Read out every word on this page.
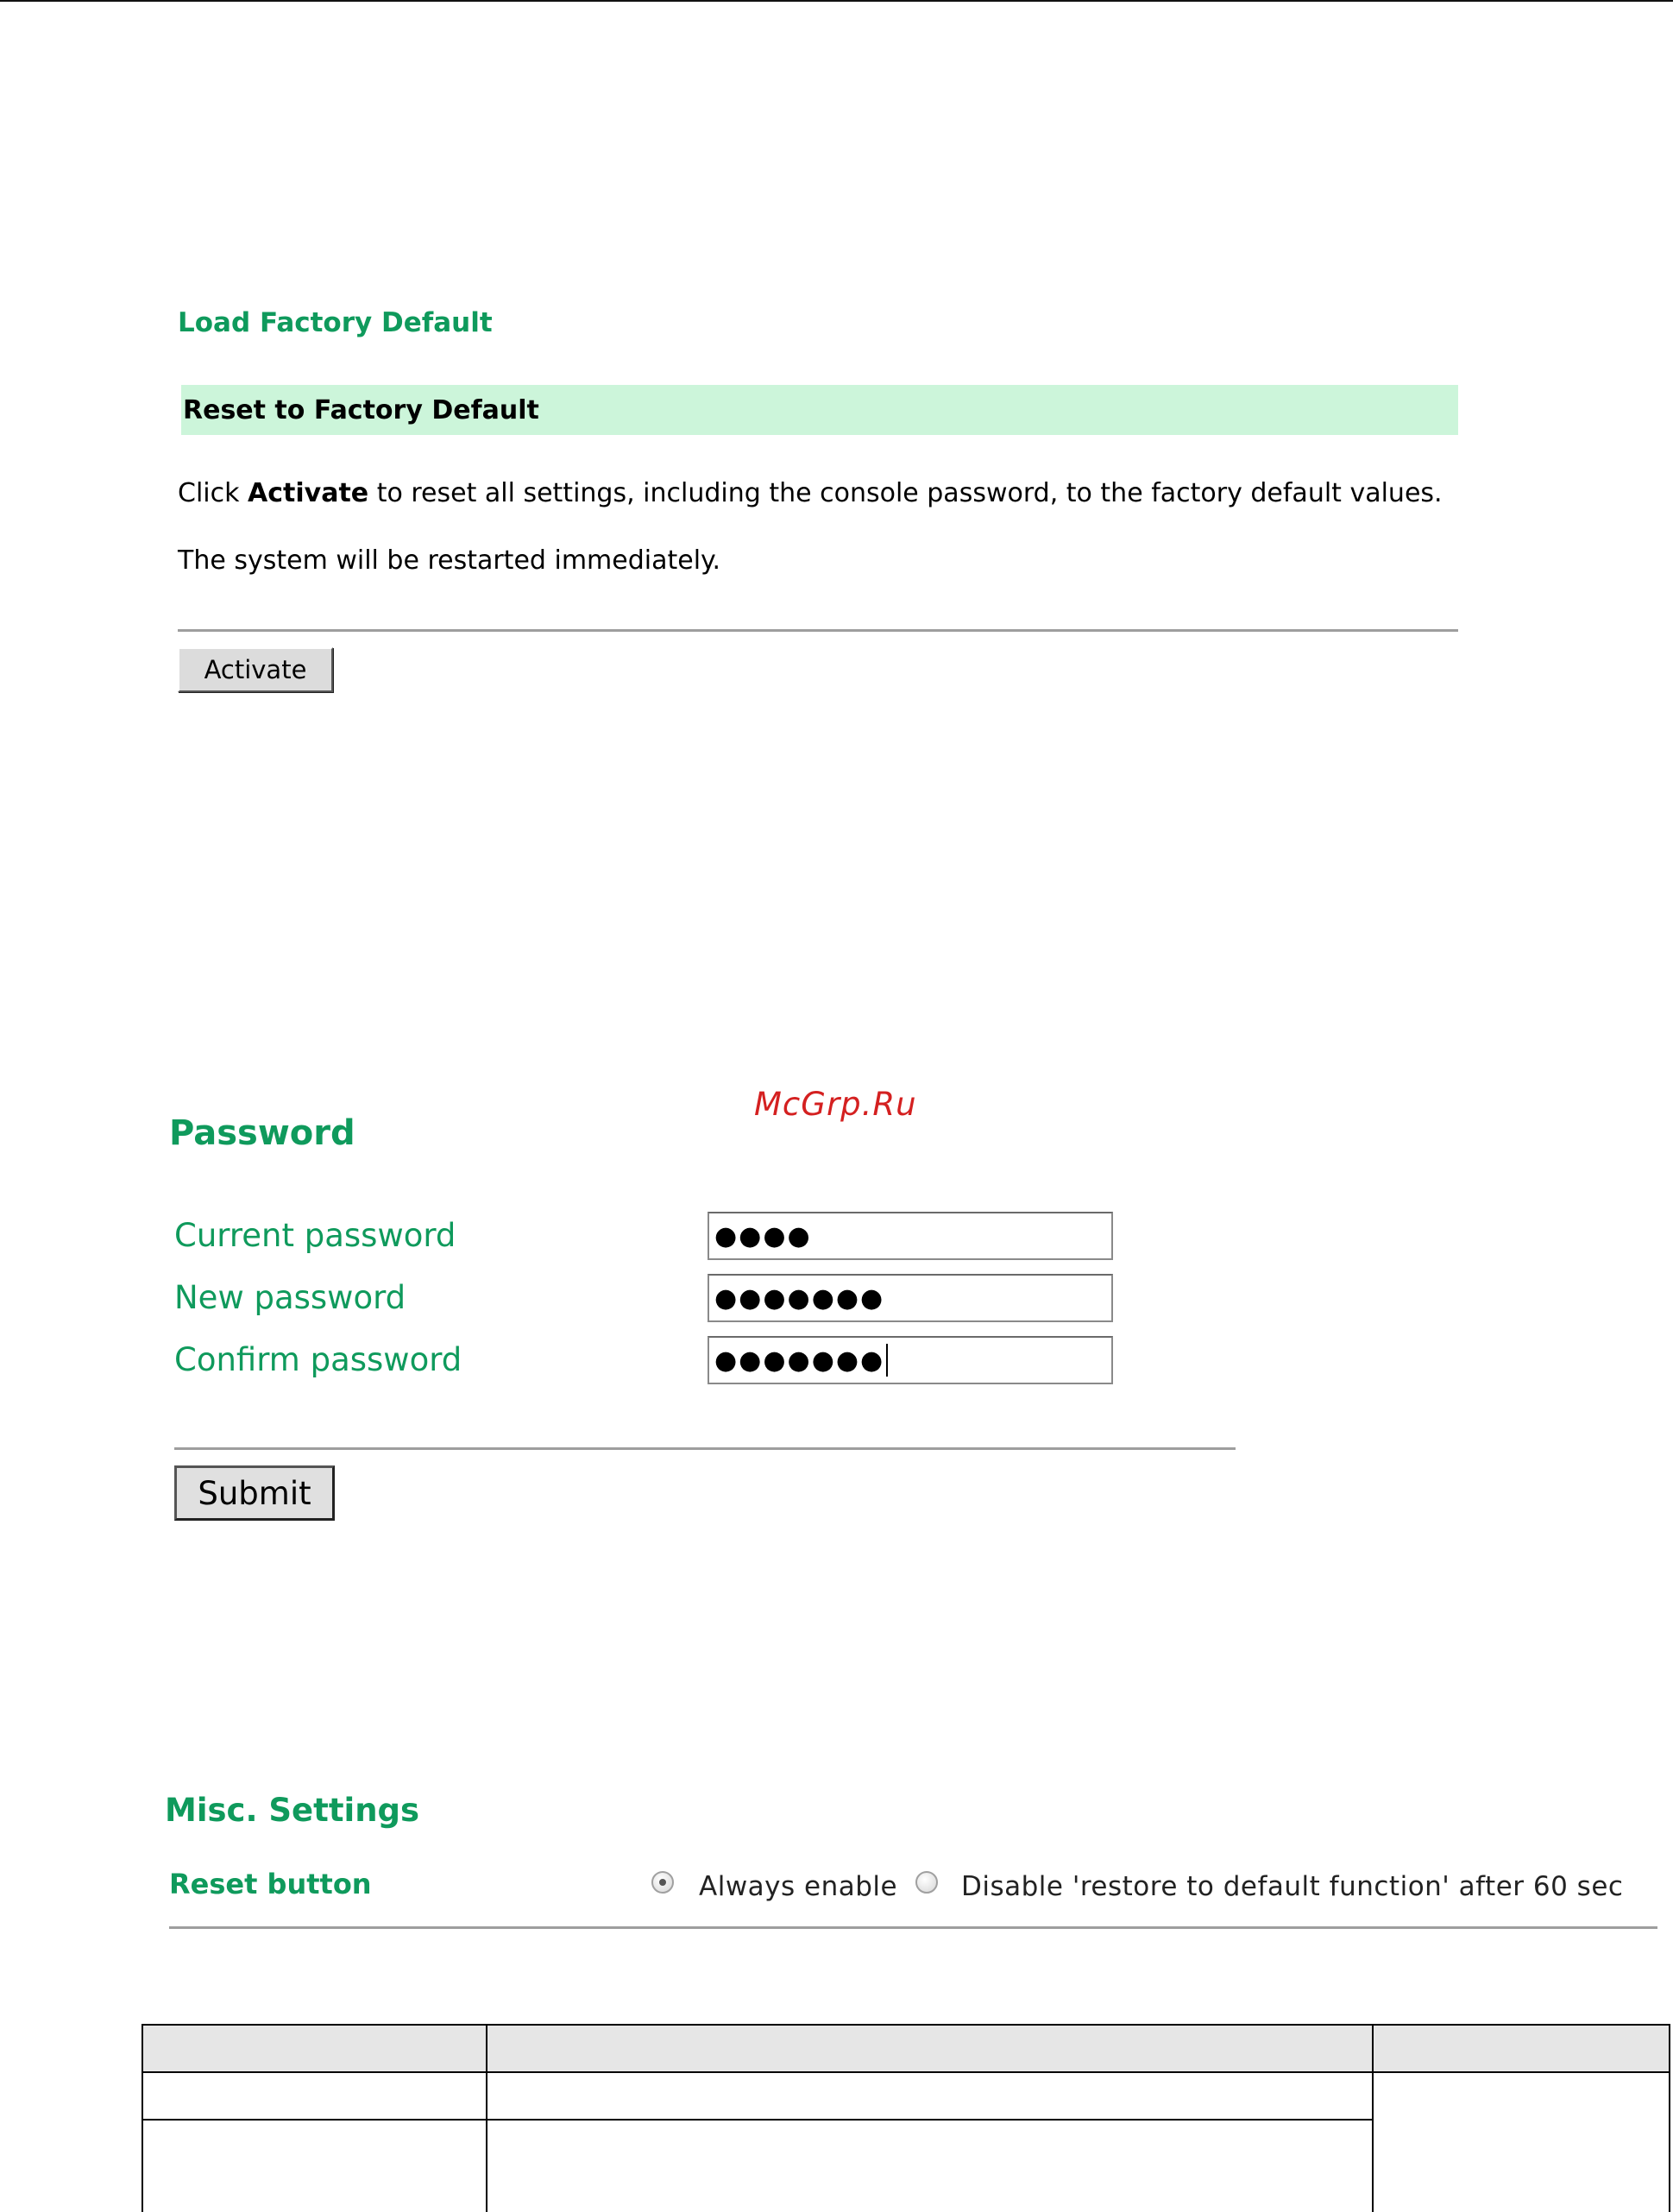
Load Factory Default
Reset to Factory Default
Click Activate to reset all settings, including the console password, to the factory default values.
The system will be restarted immediately.
Activate
McGrp.Ru
Password
Current password	●●●●
New password	●●●●●●●
Confirm password	●●●●●●●
Submit
Misc. Settings
Reset button	Always enable Disable 'restore to default function' after 60 sec
